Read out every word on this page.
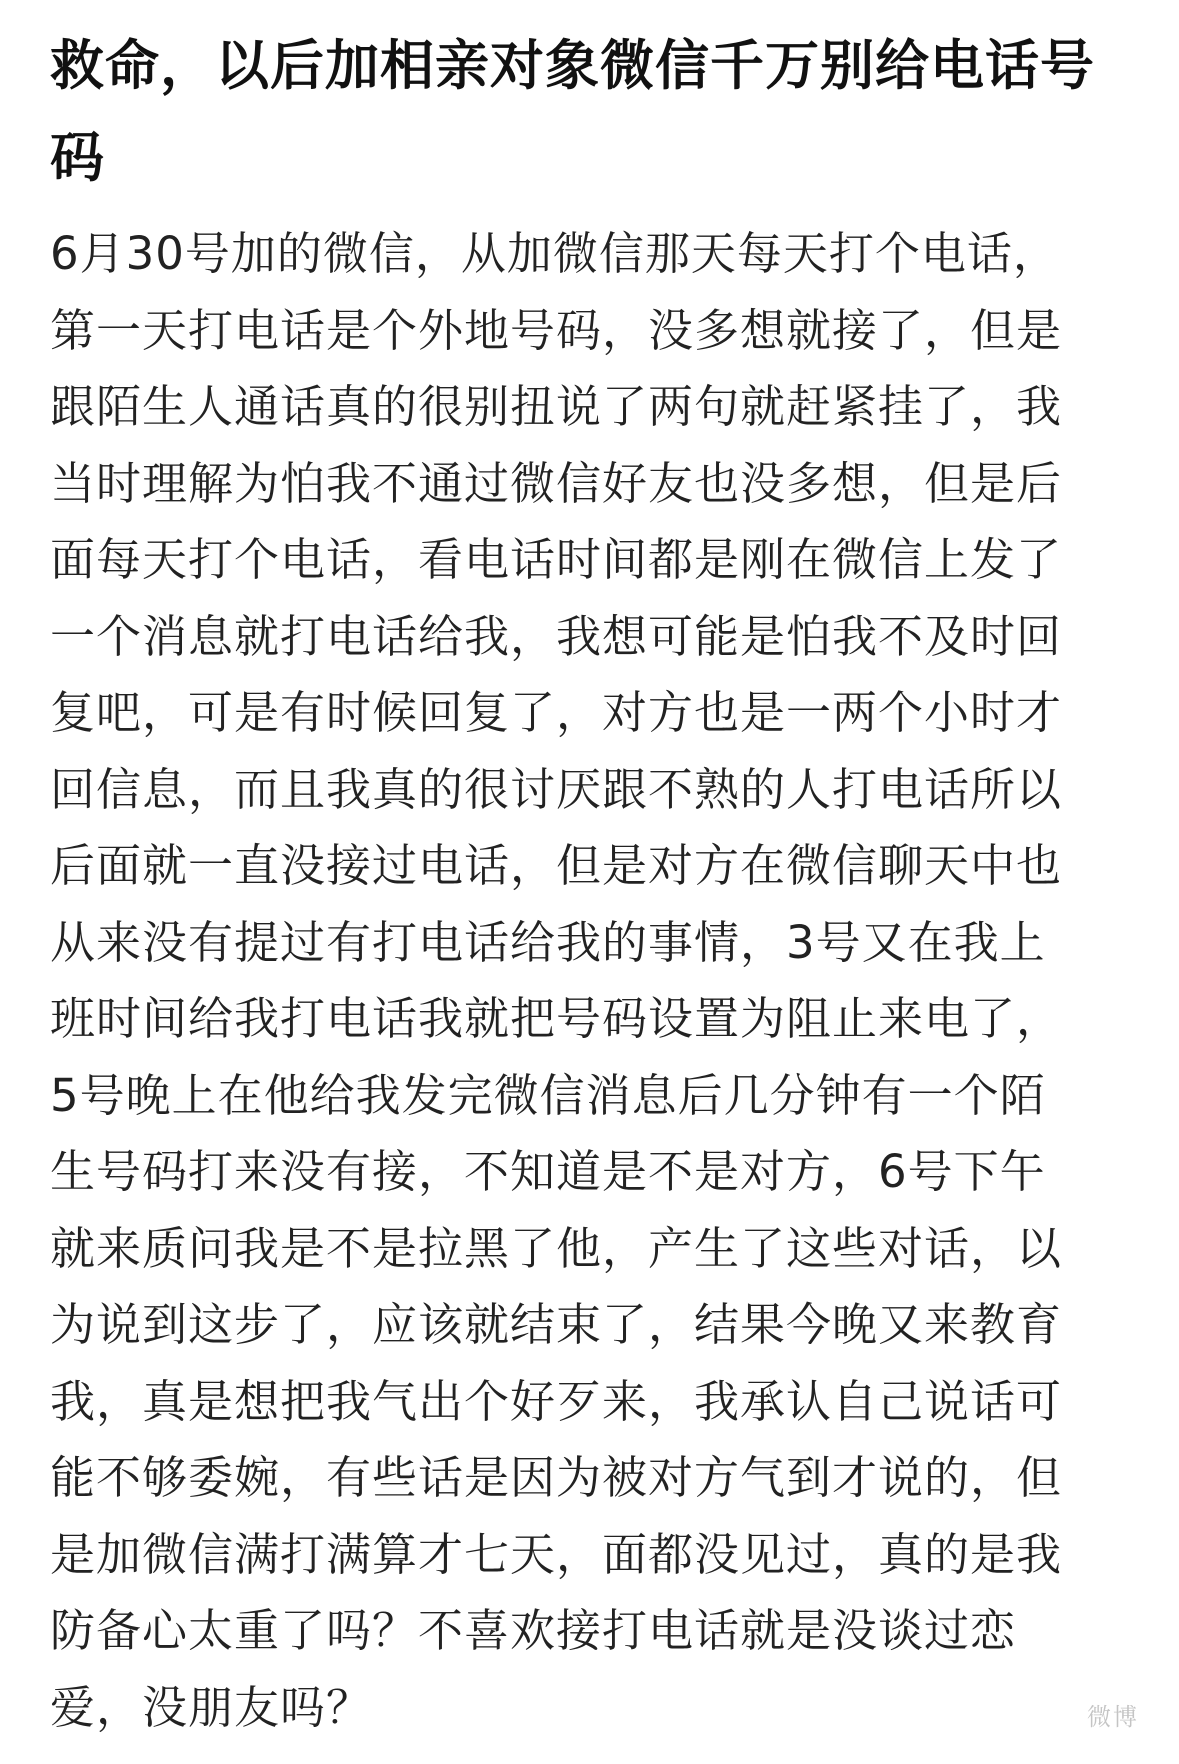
救命，以后加相亲对象微信千万别给电话号
码
6月30号加的微信，从加微信那天每天打个电话，
第一天打电话是个外地号码，没多想就接了，但是
跟陌生人通话真的很别扭说了两句就赶紧挂了，我
当时理解为怕我不通过微信好友也没多想，但是后
面每天打个电话，看电话时间都是刚在微信上发了
一个消息就打电话给我，我想可能是怕我不及时回
复吧，可是有时候回复了，对方也是一两个小时才
回信息，而且我真的很讨厌跟不熟的人打电话所以
后面就一直没接过电话，但是对方在微信聊天中也
从来没有提过有打电话给我的事情，3号又在我上
班时间给我打电话我就把号码设置为阻止来电了，
5号晚上在他给我发完微信消息后几分钟有一个陌
生号码打来没有接，不知道是不是对方，6号下午
就来质问我是不是拉黑了他，产生了这些对话，以
为说到这步了，应该就结束了，结果今晚又来教育
我，真是想把我气出个好歹来，我承认自己说话可
能不够委婉，有些话是因为被对方气到才说的，但
是加微信满打满算才七天，面都没见过，真的是我
防备心太重了吗？不喜欢接打电话就是没谈过恋
爱，没朋友吗？	微博
